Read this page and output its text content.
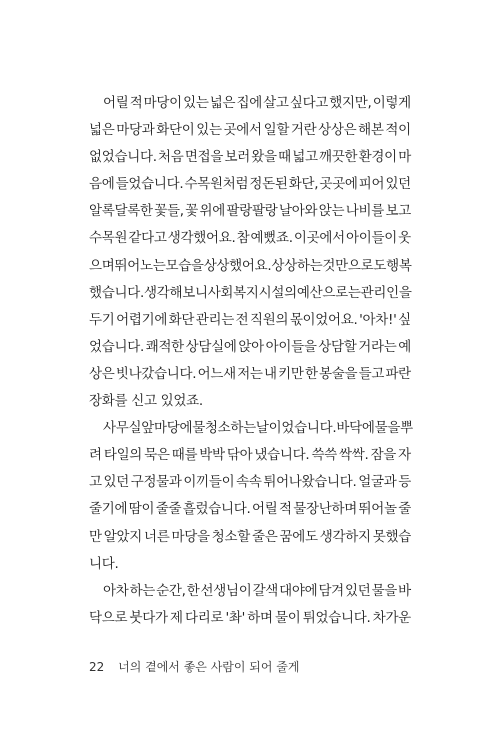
어릴 적 마당이 있는 넓은 집에 살고 싶다고 했지만, 이렇게
넓은 마당과 화단이 있는 곳에서 일할 거란 상상은 해본 적이
없었습니다. 처음 면접을 보러 왔을 때 넓고 깨끗한 환경이 마
음에 들었습니다. 수목원처럼 정돈된 화단, 곳곳에 피어 있던
알록달록한 꽃들, 꽃 위에 팔랑팔랑 날아와 앉는 나비를 보고
수목원 같다고 생각했어요. 참 예뻤죠. 이곳에서 아이들이 웃
으며 뛰어노는 모습을 상상했어요. 상상하는 것만으로도 행복
했습니다. 생각해 보니 사회복지시설의 예산으로는 관리인을
두기 어렵기에 화단 관리는 전 직원의 몫이었어요. '아차!' 싶
었습니다. 쾌적한 상담실에 앉아 아이들을 상담할 거라는 예
상은 빗나갔습니다. 어느새 저는 내 키만 한 봉술을 들고 파란
장화를 신고 있었죠.
사무실 앞마당에 물청소하는 날이었습니다. 바닥에 물을 뿌
려 타일의 묵은 때를 박박 닦아 냈습니다. 쓱쓱 싹싹. 잠을 자
고 있던 구정물과 이끼들이 속속 튀어나왔습니다. 얼굴과 등
줄기에 땀이 줄줄 흘렀습니다. 어릴 적 물장난하며 뛰어놀 줄
만 알았지 너른 마당을 청소할 줄은 꿈에도 생각하지 못했습
니다.
아차 하는 순간, 한 선생님이 갈색 대야에 담겨 있던 물을 바
닥으로 붓다가 제 다리로 '촤' 하며 물이 튀었습니다. 차가운
22 너의 곁에서 좋은 사람이 되어 줄게
